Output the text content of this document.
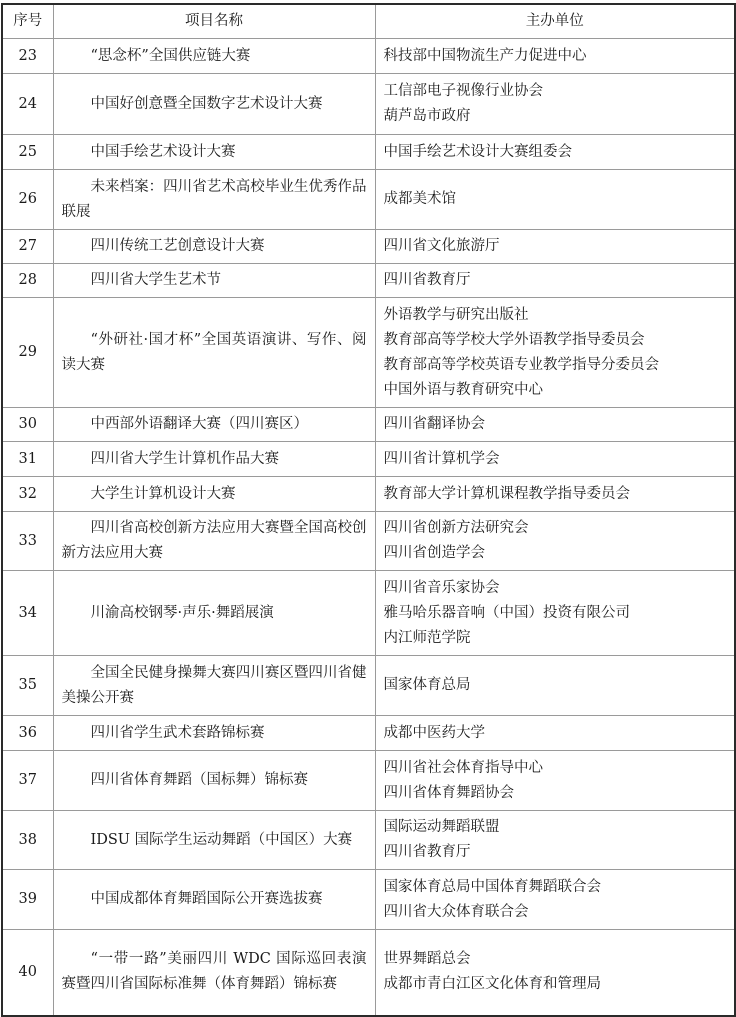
序号	项目名称	主办单位
23	“思念杯”全国供应链大赛	科技部中国物流生产力促进中心

24	中国好创意暨全国数字艺术设计大赛	工信部电子视像行业协会
葫芦岛市政府

25	中国手绘艺术设计大赛	中国手绘艺术设计大赛组委会

26	未来档案：四川省艺术高校毕业生优秀作品联展	成都美术馆

27	四川传统工艺创意设计大赛	四川省文化旅游厅

28	四川省大学生艺术节	四川省教育厅

29	“外研社·国才杯”全国英语演讲、写作、阅读大赛	外语教学与研究出版社
教育部高等学校大学外语教学指导委员会
教育部高等学校英语专业教学指导分委员会
中国外语与教育研究中心

30	中西部外语翻译大赛（四川赛区）	四川省翻译协会

31	四川省大学生计算机作品大赛	四川省计算机学会

32	大学生计算机设计大赛	教育部大学计算机课程教学指导委员会

33	四川省高校创新方法应用大赛暨全国高校创新方法应用大赛	四川省创新方法研究会
四川省创造学会

34	川渝高校钢琴·声乐·舞蹈展演	四川省音乐家协会
雅马哈乐器音响（中国）投资有限公司
内江师范学院

35	全国全民健身操舞大赛四川赛区暨四川省健美操公开赛	国家体育总局

36	四川省学生武术套路锦标赛	成都中医药大学

37	四川省体育舞蹈（国标舞）锦标赛	四川省社会体育指导中心
四川省体育舞蹈协会

38	IDSU 国际学生运动舞蹈（中国区）大赛	国际运动舞蹈联盟
四川省教育厅

39	中国成都体育舞蹈国际公开赛选拔赛	国家体育总局中国体育舞蹈联合会
四川省大众体育联合会

40	“一带一路”美丽四川 WDC 国际巡回表演赛暨四川省国际标准舞（体育舞蹈）锦标赛	世界舞蹈总会
成都市青白江区文化体育和管理局
